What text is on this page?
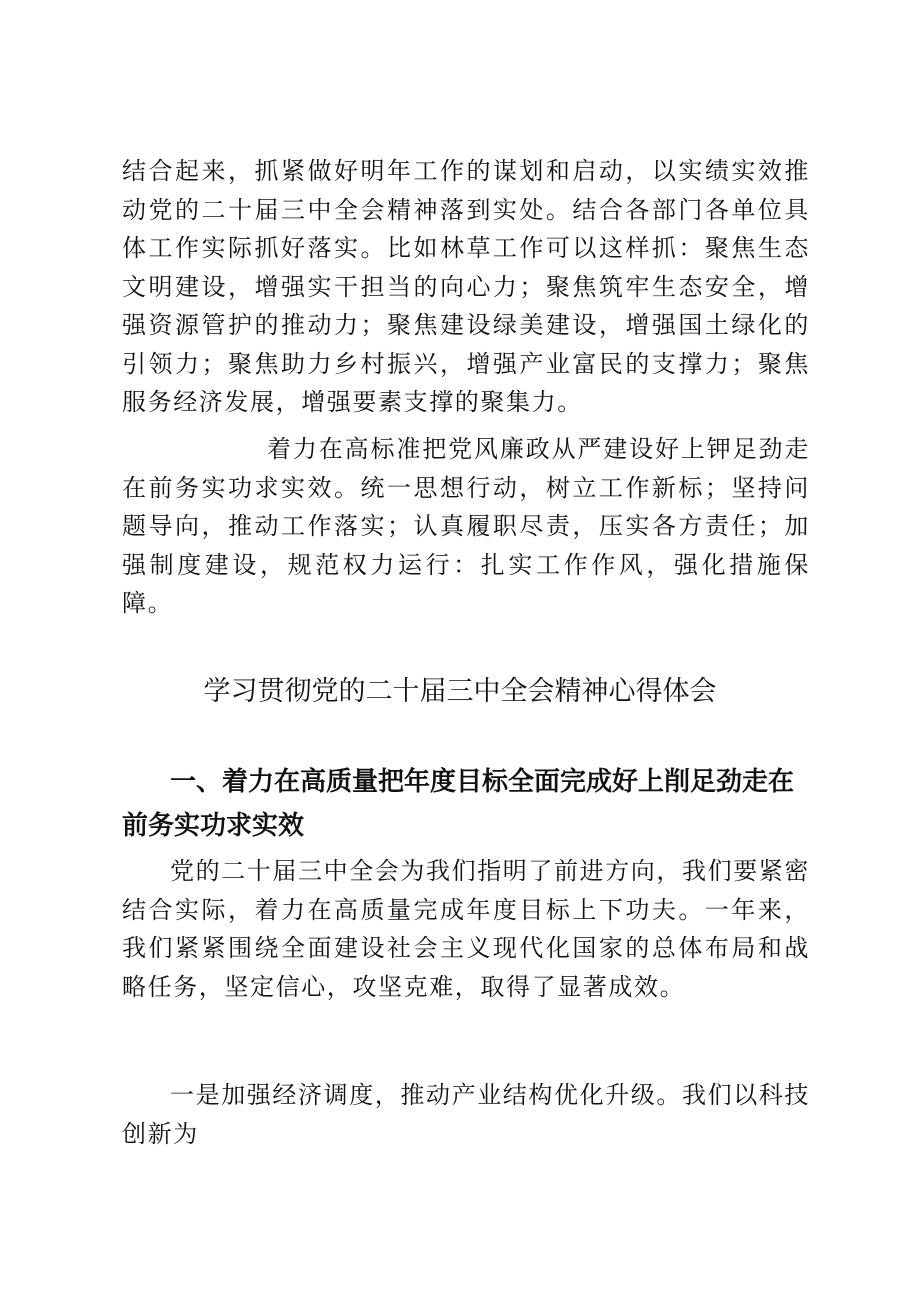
结合起来，抓紧做好明年工作的谋划和启动，以实绩实效推动党的二十届三中全会精神落到实处。结合各部门各单位具体工作实际抓好落实。比如林草工作可以这样抓：聚焦生态文明建设，增强实干担当的向心力；聚焦筑牢生态安全，增强资源管护的推动力；聚焦建设绿美建设，增强国土绿化的引领力；聚焦助力乡村振兴，增强产业富民的支撑力；聚焦服务经济发展，增强要素支撑的聚集力。

着力在高标准把党风廉政从严建设好上钾足劲走在前务实功求实效。统一思想行动，树立工作新标；坚持问题导向，推动工作落实；认真履职尽责，压实各方责任；加强制度建设，规范权力运行：扎实工作作风，强化措施保障。

学习贯彻党的二十届三中全会精神心得体会
一、着力在高质量把年度目标全面完成好上削足劲走在前务实功求实效

党的二十届三中全会为我们指明了前进方向，我们要紧密结合实际，着力在高质量完成年度目标上下功夫。一年来，我们紧紧围绕全面建设社会主义现代化国家的总体布局和战略任务，坚定信心，攻坚克难，取得了显著成效。

一是加强经济调度，推动产业结构优化升级。我们以科技创新为
